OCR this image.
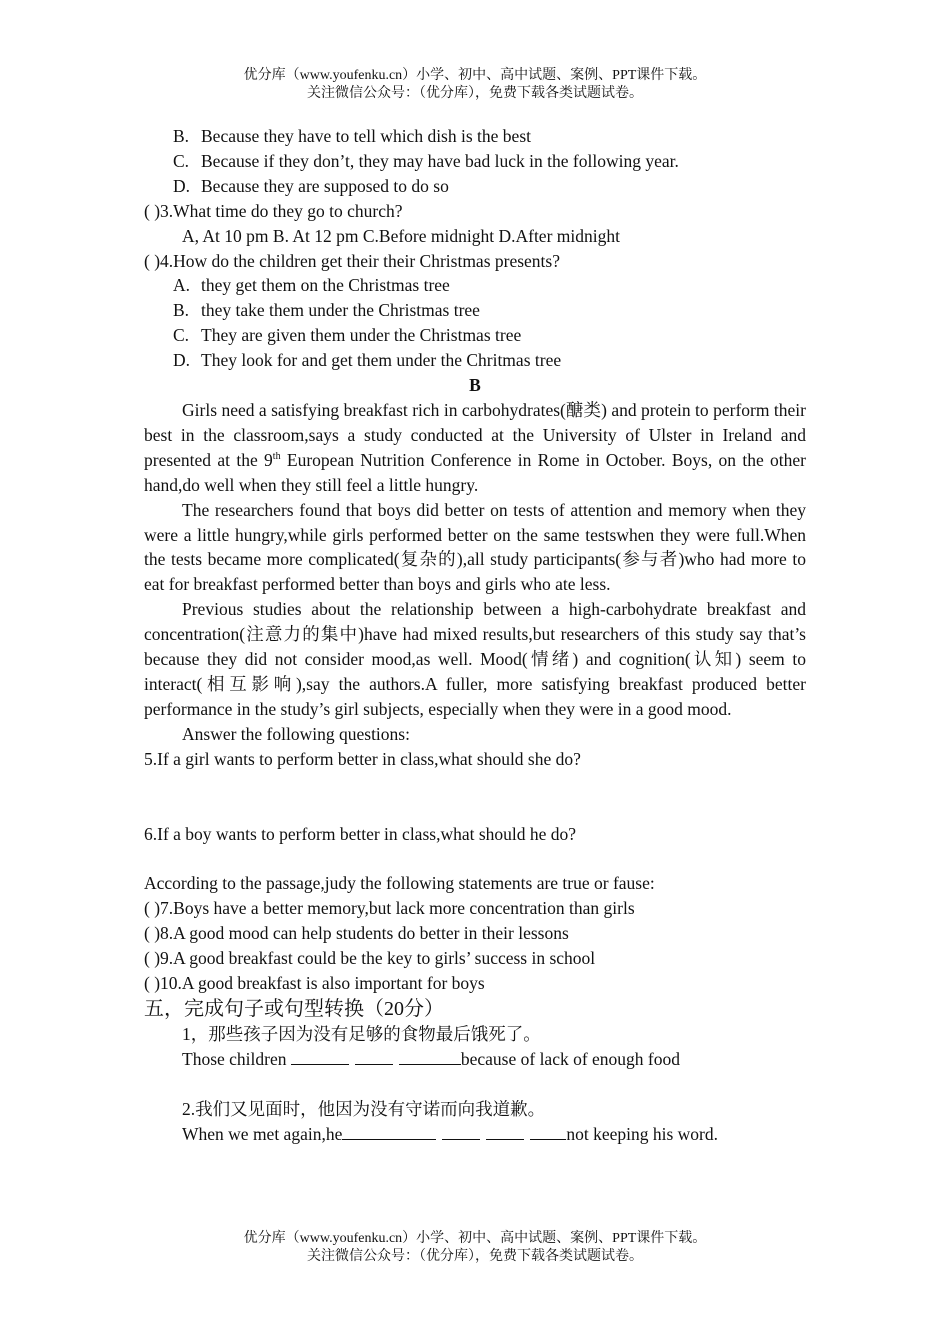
优分库（www.youfenku.cn）小学、初中、高中试题、案例、PPT课件下载。
关注微信公众号：（优分库），免费下载各类试题试卷。
B. Because they have to tell which dish is the best
C. Because if they don’t, they may have bad luck in the following year.
D. Because they are supposed to do so
( )3.What time do they go to church?
A, At 10 pm B. At 12 pm C.Before midnight D.After midnight
( )4.How do the children get their their Christmas presents?
A. they get them on the Christmas tree
B. they take them under the Christmas tree
C. They are given them under the Christmas tree
D. They look for and get them under the Chritmas tree
B
Girls need a satisfying breakfast rich in carbohydrates(醣类) and protein to perform their best in the classroom,says a study conducted at the University of Ulster in Ireland and presented at the 9th European Nutrition Conference in Rome in October. Boys, on the other hand,do well when they still feel a little hungry.
The researchers found that boys did better on tests of attention and memory when they were a little hungry,while girls performed better on the same testswhen they were full.When the tests became more complicated(复杂的),all study participants(参与者)who had more to eat for breakfast performed better than boys and girls who ate less.
Previous studies about the relationship between a high-carbohydrate breakfast and concentration(注意力的集中)have had mixed results,but researchers of this study say that’s because they did not consider mood,as well. Mood(情绪) and cognition(认知) seem to interact(相互影响),say the authors.A fuller, more satisfying breakfast produced better performance in the study’s girl subjects, especially when they were in a good mood.
Answer the following questions:
5.If a girl wants to perform better in class,what should she do?
6.If a boy wants to perform better in class,what should he do?
According to the passage,judy the following statements are true or fause:
( )7.Boys have a better memory,but lack more concentration than girls
( )8.A good mood can help students do better in their lessons
( )9.A good breakfast could be the key to girls’ success in school
( )10.A good breakfast is also important for boys
五，完成句子或句型转换（20分）
1，那些孩子因为没有足够的食物最后饿死了。
Those children	because of lack of enough food
2.我们又见面时，他因为没有守诺而向我道歉。
When we met again,he	not keeping his word.
优分库（www.youfenku.cn）小学、初中、高中试题、案例、PPT课件下载。
关注微信公众号：（优分库），免费下载各类试题试卷。
